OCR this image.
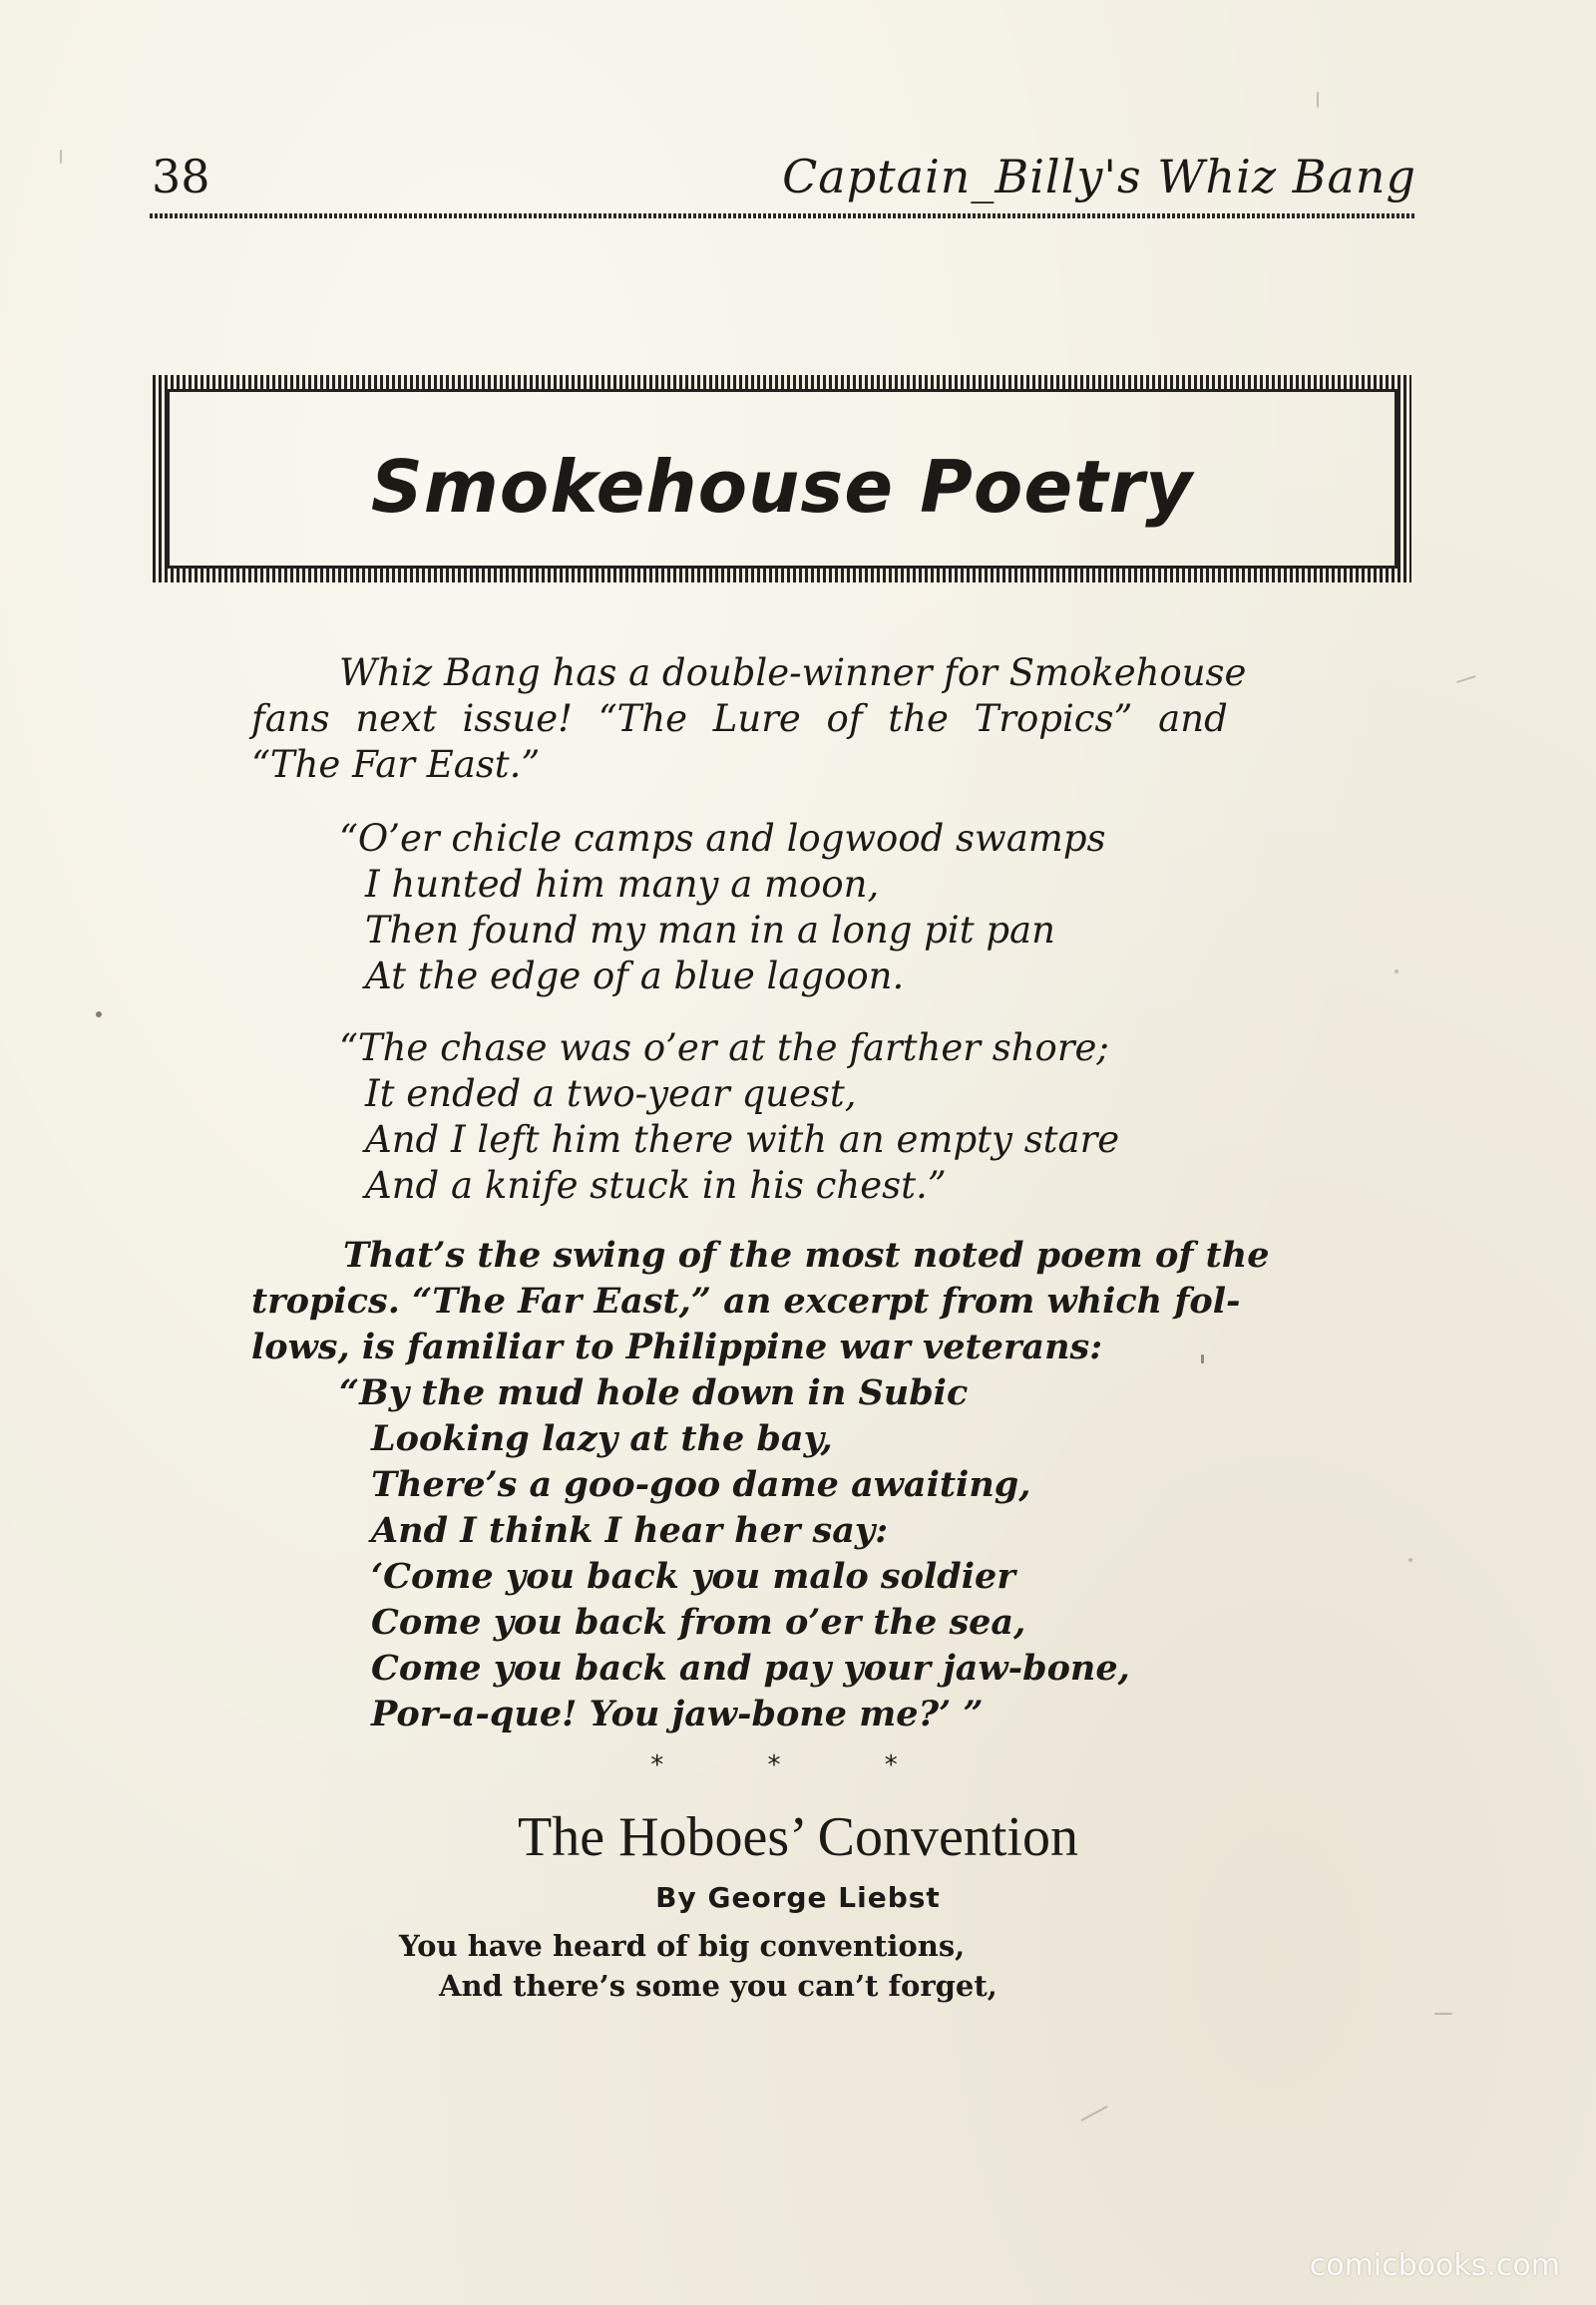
38	Captain_Billy's Whiz Bang
Smokehouse Poetry
Whiz Bang has a double-winner for Smokehouse
fans next issue! “The Lure of the Tropics” and
“The Far East.”
“O’er chicle camps and logwood swamps
I hunted him many a moon,
Then found my man in a long pit pan
At the edge of a blue lagoon.
“The chase was o’er at the farther shore;
It ended a two-year quest,
And I left him there with an empty stare
And a knife stuck in his chest.”
That’s the swing of the most noted poem of the
tropics. “The Far East,” an excerpt from which fol-
lows, is familiar to Philippine war veterans:
“By the mud hole down in Subic
Looking lazy at the bay,
There’s a goo-goo dame awaiting,
And I think I hear her say:
‘Come you back you malo soldier
Come you back from o’er the sea,
Come you back and pay your jaw-bone,
Por-a-que! You jaw-bone me?’ ”
* * *
The Hoboes’ Convention
By George Liebst
You have heard of big conventions,
And there’s some you can’t forget,
comicbooks.com
